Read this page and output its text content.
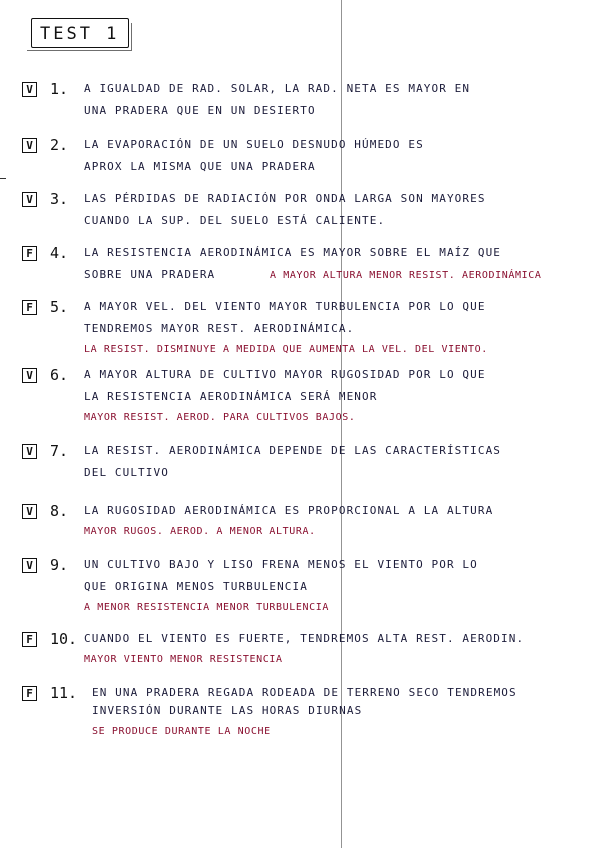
TEST 1
V 1. A IGUALDAD DE RAD. SOLAR, LA RAD. NETA ES MAYOR EN
UNA PRADERA QUE EN UN DESIERTO
V 2. LA EVAPORACIÓN DE UN SUELO DESNUDO HÚMEDO ES
APROX LA MISMA QUE UNA PRADERA
V 3. LAS PÉRDIDAS DE RADIACIÓN POR ONDA LARGA SON MAYORES
CUANDO LA SUP. DEL SUELO ESTÁ CALIENTE.
F 4. LA RESISTENCIA AERODINÁMICA ES MAYOR SOBRE EL MAÍZ QUE
SOBRE UNA PRADERA	A MAYOR ALTURA MENOR RESIST. AERODINÁMICA
F 5. A MAYOR VEL. DEL VIENTO MAYOR TURBULENCIA POR LO QUE
TENDREMOS MAYOR REST. AERODINÁMICA.
LA RESIST. DISMINUYE A MEDIDA QUE AUMENTA LA VEL. DEL VIENTO.
V 6. A MAYOR ALTURA DE CULTIVO MAYOR RUGOSIDAD POR LO QUE
LA RESISTENCIA AERODINÁMICA SERÁ MENOR
MAYOR RESIST. AEROD. PARA CULTIVOS BAJOS.
V 7. LA RESIST. AERODINÁMICA DEPENDE DE LAS CARACTERÍSTICAS
DEL CULTIVO
V 8. LA RUGOSIDAD AERODINÁMICA ES PROPORCIONAL A LA ALTURA
MAYOR RUGOS. AEROD. A MENOR ALTURA.
V 9. UN CULTIVO BAJO Y LISO FRENA MENOS EL VIENTO POR LO
QUE ORIGINA MENOS TURBULENCIA
A MENOR RESISTENCIA MENOR TURBULENCIA
F 10. CUANDO EL VIENTO ES FUERTE, TENDREMOS ALTA REST. AERODIN.
MAYOR VIENTO MENOR RESISTENCIA
F 11. EN UNA PRADERA REGADA RODEADA DE TERRENO SECO TENDREMOS
INVERSIÓN DURANTE LAS HORAS DIURNAS
SE PRODUCE DURANTE LA NOCHE
